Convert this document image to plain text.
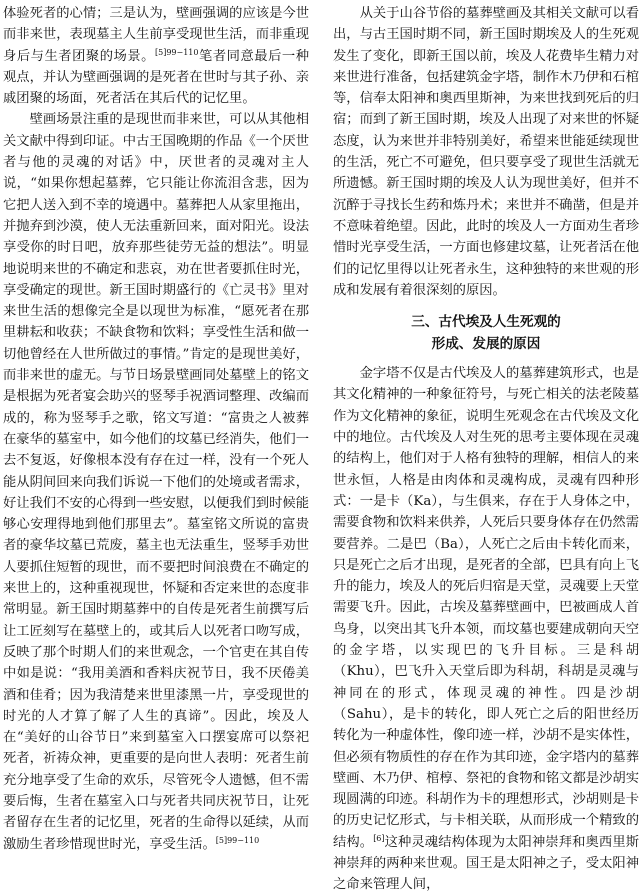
体验死者的心情；三是认为，壁画强调的应该是今世而非来世，表现墓主人生前享受现世生活，而非重现身后与生者团聚的场景。$^{[5]99-110}$笔者同意最后一种观点，并认为壁画强调的是死者在世时与其子孙、亲戚团聚的场面，死者活在其后代的记忆里。

壁画场景注重的是现世而非来世，可以从其他相关文献中得到印证。中古王国晚期的作品《一个厌世者与他的灵魂的对话》中，厌世者的灵魂对主人说，“如果你想起墓葬，它只能让你流泪含悲，因为它把人送入到不幸的境遇中。墓葬把人从家里拖出，并抛弃到沙漠，使人无法重新回来，面对阳光。设法享受你的时日吧，放弃那些徒劳无益的想法”。明显地说明来世的不确定和悲哀，劝在世者要抓住时光，享受确定的现世。新王国时期盛行的《亡灵书》里对来世生活的想像完全是以现世为标准，“愿死者在那里耕耘和收获；不缺食物和饮料；享受性生活和做一切他曾经在人世所做过的事情。”肯定的是现世美好，而非来世的虚无。与节日场景壁画同处墓壁上的铭文是根据为死者宴会助兴的竖琴手祝酒词整理、改编而成的，称为竖琴手之歌，铭文写道：“富贵之人被葬在豪华的墓室中，如今他们的坟墓已经消失，他们一去不复返，好像根本没有存在过一样，没有一个死人能从阴间回来向我们诉说一下他们的处境或者需求，好让我们不安的心得到一些安慰，以便我们到时候能够心安理得地到他们那里去”。墓室铭文所说的富贵者的豪华坟墓已荒废，墓主也无法重生，竖琴手劝世人要抓住短暂的现世，而不要把时间浪费在不确定的来世上的，这种重视现世，怀疑和否定来世的态度非常明显。新王国时期墓葬中的自传是死者生前撰写后让工匠刻写在墓壁上的，或其后人以死者口吻写成，反映了那个时期人们的来世观念，一个官吏在其自传中如是说：“我用美酒和香料庆祝节日，我不厌倦美酒和佳肴；因为我清楚来世里漆黑一片，享受现世的时光的人才算了解了人生的真谛”。因此，埃及人在“美好的山谷节日”来到墓室入口摆宴席可以祭祀死者，祈祷众神，更重要的是向世人表明：死者生前充分地享受了生命的欢乐，尽管死令人遗憾，但不需要后悔，生者在墓室入口与死者共同庆祝节日，让死者留存在生者的记忆里，死者的生命得以延续，从而激励生者珍惜现世时光，享受生活。$^{[5]99-110}$

从关于山谷节俗的墓葬壁画及其相关文献可以看出，与古王国时期不同，新王国时期埃及人的生死观发生了变化，即新王国以前，埃及人花费毕生精力对来世进行准备，包括建筑金字塔，制作木乃伊和石棺等，信奉太阳神和奥西里斯神，为来世找到死后的归宿；而到了新王国时期，埃及人出现了对来世的怀疑态度，认为来世并非特别美好，希望来世能延续现世的生活，死亡不可避免，但只要享受了现世生活就无所遗憾。新王国时期的埃及人认为现世美好，但并不沉醉于寻找长生药和炼丹术；来世并不确凿，但是并不意味着绝望。因此，此时的埃及人一方面劝生者珍惜时光享受生活，一方面也修建坟墓，让死者活在他们的记忆里得以让死者永生，这种独特的来世观的形成和发展有着很深刻的原因。

三、古代埃及人生死观的
形成、发展的原因

金字塔不仅是古代埃及人的墓葬建筑形式，也是其文化精神的一种象征符号，与死亡相关的法老陵墓作为文化精神的象征，说明生死观念在古代埃及文化中的地位。古代埃及人对生死的思考主要体现在灵魂的结构上，他们对于人格有独特的理解，相信人的来世永恒，人格是由肉体和灵魂构成，灵魂有四种形式：一是卡（Ka），与生俱来，存在于人身体之中，需要食物和饮料来供养，人死后只要身体存在仍然需要营养。二是巴（Ba），人死亡之后由卡转化而来，只是死亡之后才出现，是死者的全部，巴具有向上飞升的能力，埃及人的死后归宿是天堂，灵魂要上天堂需要飞升。因此，古埃及墓葬壁画中，巴被画成人首鸟身，以突出其飞升本领，而坟墓也要建成朝向天空的金字塔，以实现巴的飞升目标。三是科胡（Khu），巴飞升入天堂后即为科胡，科胡是灵魂与神同在的形式，体现灵魂的神性。四是沙胡（Sahu），是卡的转化，即人死亡之后的阳世经历转化为一种虚体性，像印迹一样，沙胡不是实体性，但必须有物质性的存在作为其印迹，金字塔内的墓葬壁画、木乃伊、棺椁、祭祀的食物和铭文都是沙胡实现圆满的印迹。科胡作为卡的理想形式，沙胡则是卡的历史记忆形式，与卡相关联，从而形成一个精致的结构。[6]这种灵魂结构体现为太阳神崇拜和奥西里斯神崇拜的两种来世观。国王是太阳神之子，受太阳神之命来管理人间，
